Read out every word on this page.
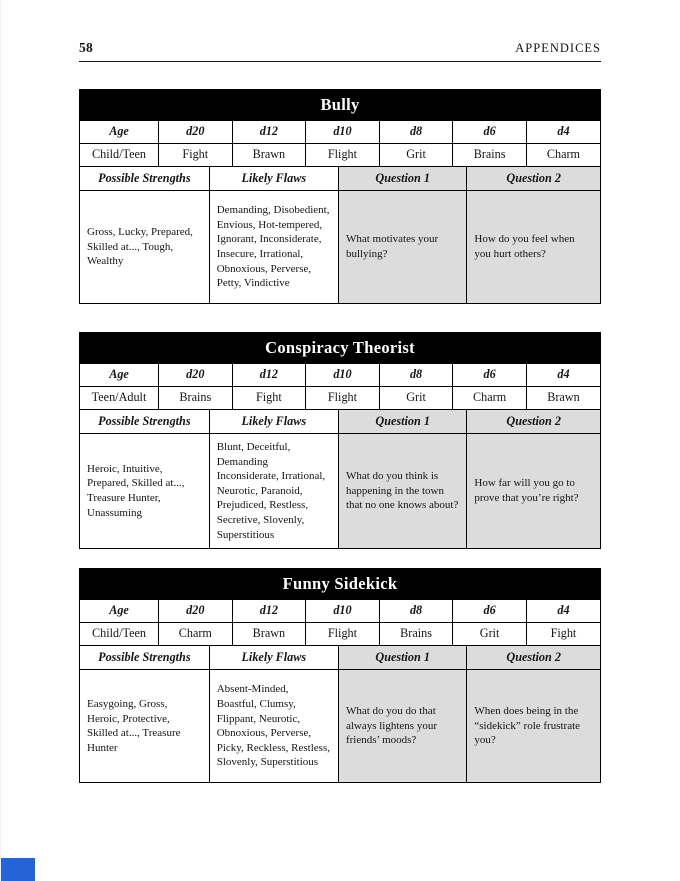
58	APPENDICES
Bully
Age	d20	d12	d10	d8	d6	d4
Child/Teen	Fight	Brawn	Flight	Grit	Brains	Charm
Possible Strengths	Likely Flaws	Question 1	Question 2
Gross, Lucky, Prepared, Skilled at..., Tough, Wealthy	Demanding, Disobedient, Envious, Hot-tempered, Ignorant, Inconsiderate, Insecure, Irrational, Obnoxious, Perverse, Petty, Vindictive	What motivates your bullying?	How do you feel when you hurt others?
Conspiracy Theorist
Age	d20	d12	d10	d8	d6	d4
Teen/Adult	Brains	Fight	Flight	Grit	Charm	Brawn
Possible Strengths	Likely Flaws	Question 1	Question 2
Heroic, Intuitive, Prepared, Skilled at..., Treasure Hunter, Unassuming	Blunt, Deceitful, Demanding Inconsiderate, Irrational, Neurotic, Paranoid, Prejudiced, Restless, Secretive, Slovenly, Superstitious	What do you think is happening in the town that no one knows about?	How far will you go to prove that you’re right?
Funny Sidekick
Age	d20	d12	d10	d8	d6	d4
Child/Teen	Charm	Brawn	Flight	Brains	Grit	Fight
Possible Strengths	Likely Flaws	Question 1	Question 2
Easygoing, Gross, Heroic, Protective, Skilled at..., Treasure Hunter	Absent-Minded, Boastful, Clumsy, Flippant, Neurotic, Obnoxious, Perverse, Picky, Reckless, Restless, Slovenly, Superstitious	What do you do that always lightens your friends’ moods?	When does being in the “sidekick” role frustrate you?
